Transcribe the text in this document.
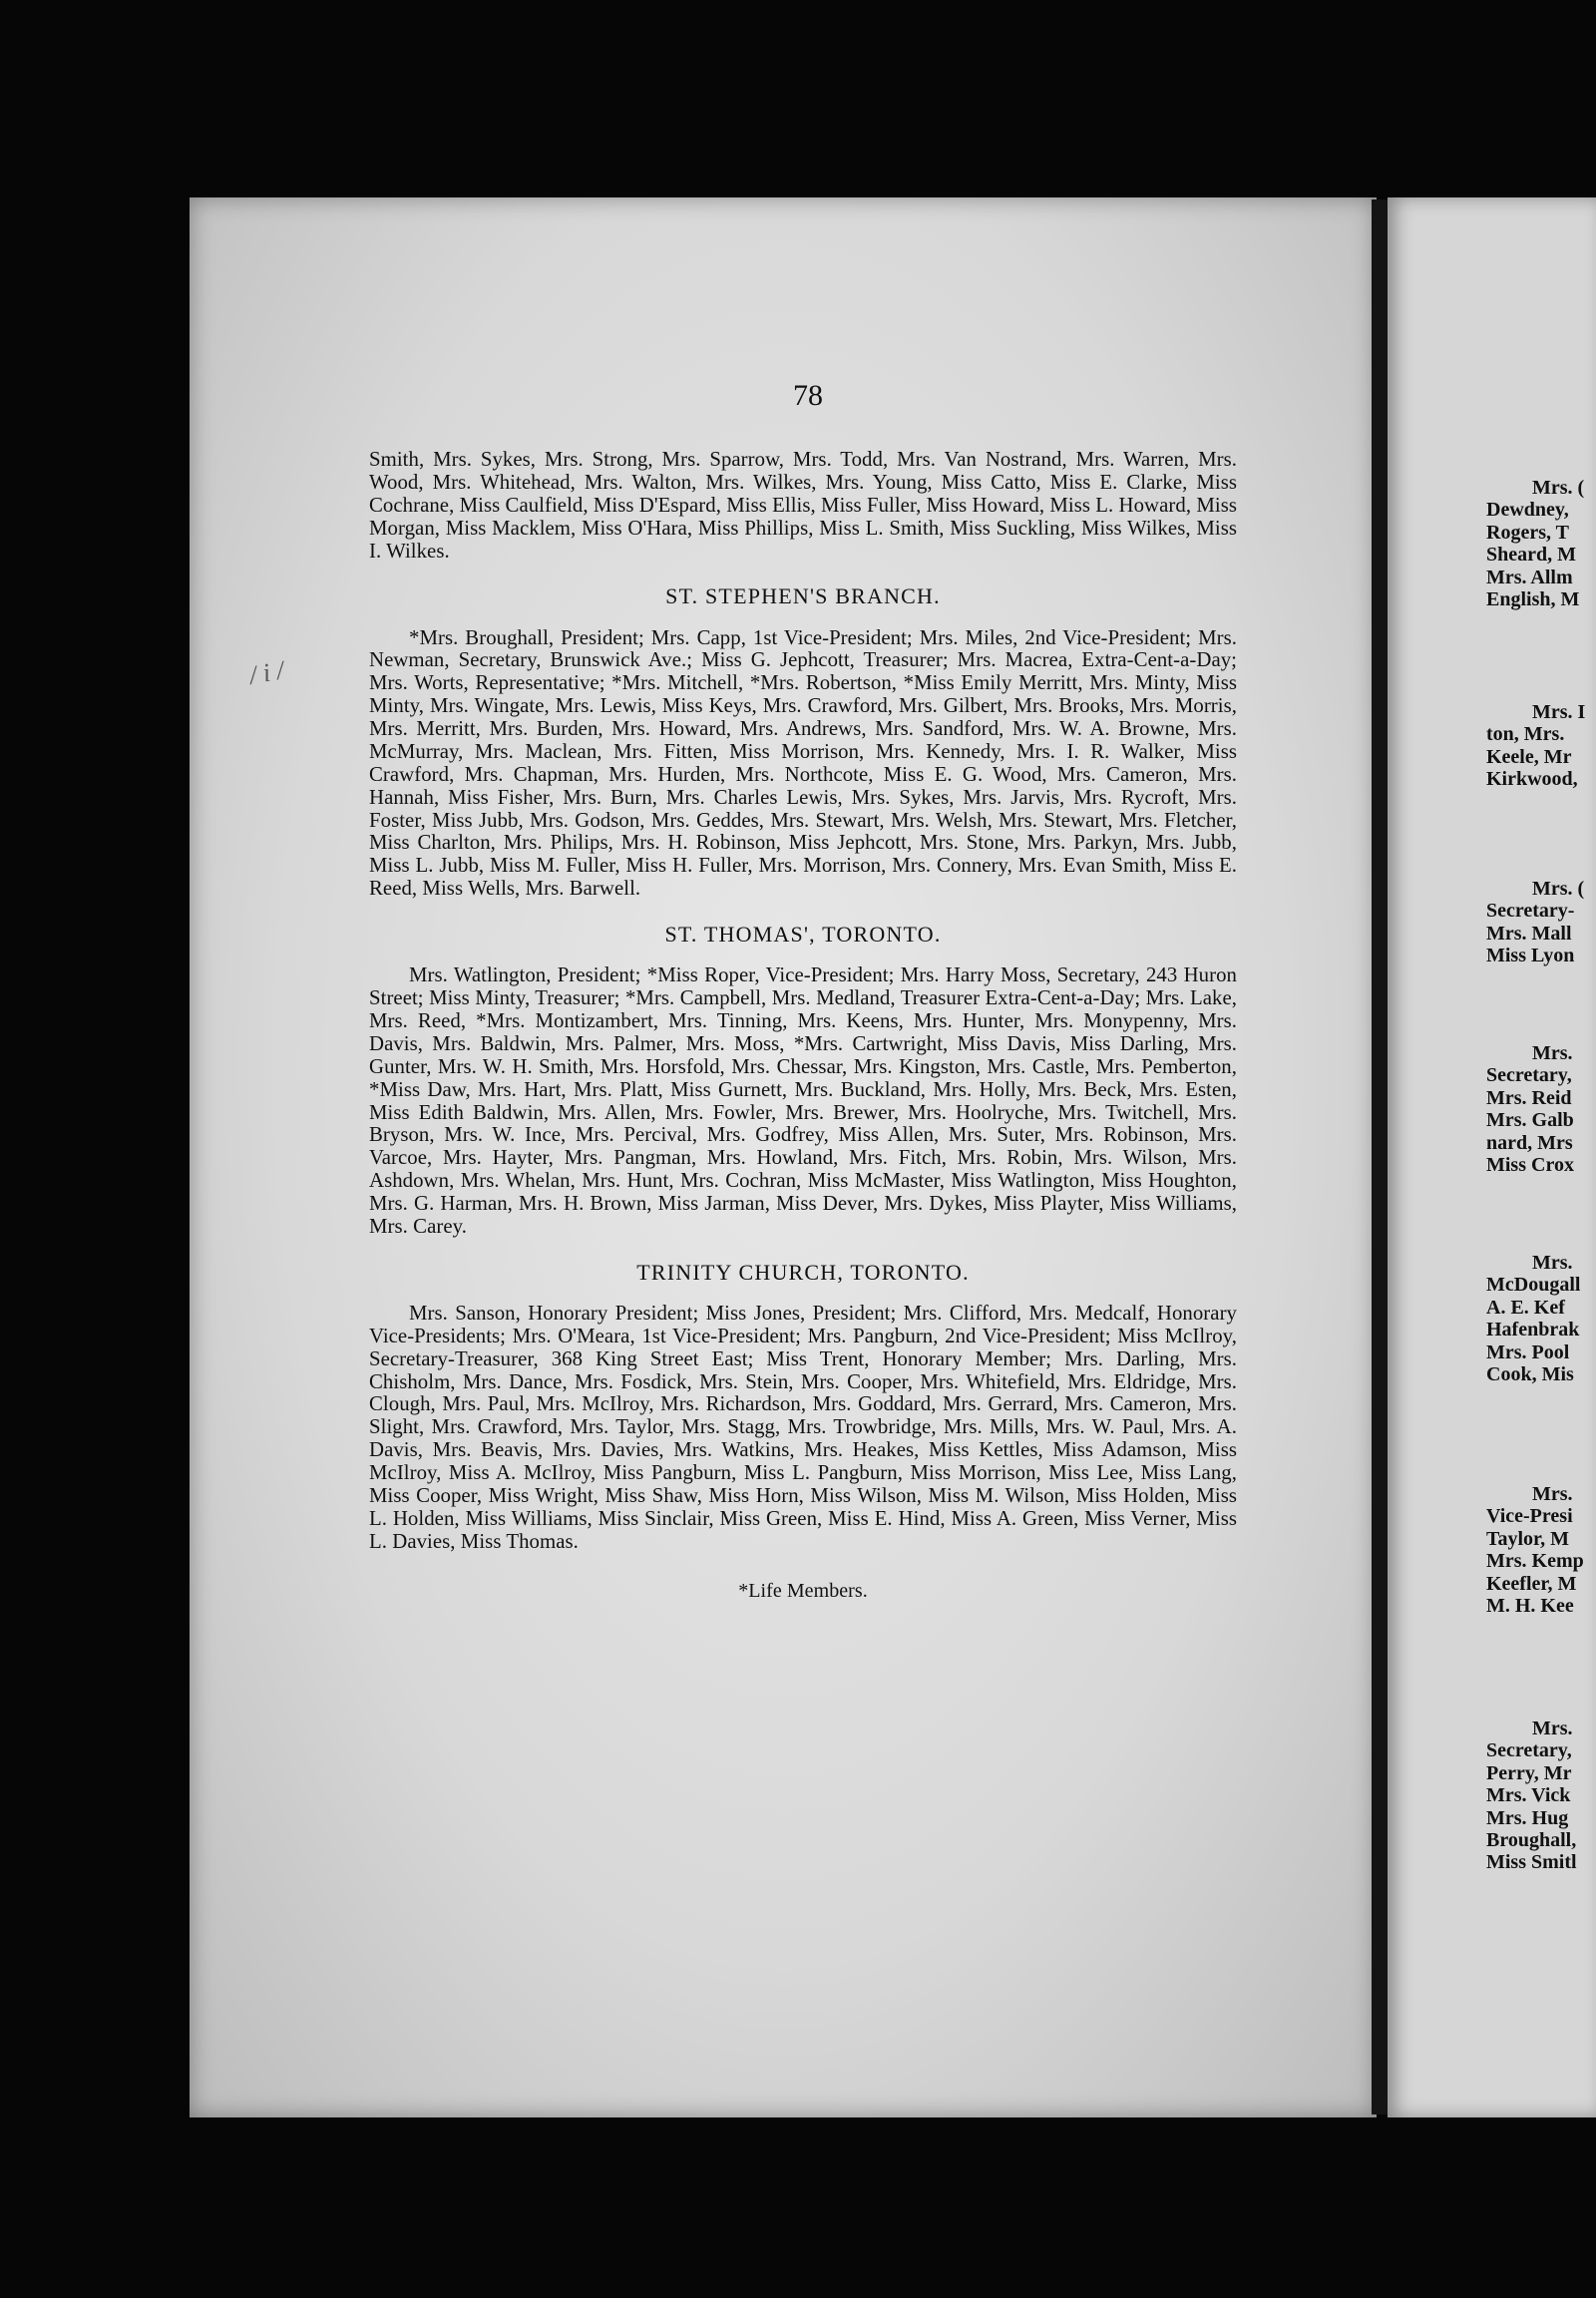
78
/ i /

Smith, Mrs. Sykes, Mrs. Strong, Mrs. Sparrow, Mrs. Todd, Mrs. Van Nostrand, Mrs. Warren, Mrs. Wood, Mrs. Whitehead, Mrs. Walton, Mrs. Wilkes, Mrs. Young, Miss Catto, Miss E. Clarke, Miss Cochrane, Miss Caulfield, Miss D'Espard, Miss Ellis, Miss Fuller, Miss Howard, Miss L. Howard, Miss Morgan, Miss Macklem, Miss O'Hara, Miss Phillips, Miss L. Smith, Miss Suckling, Miss Wilkes, Miss I. Wilkes.

ST. STEPHEN'S BRANCH.

*Mrs. Broughall, President; Mrs. Capp, 1st Vice-President; Mrs. Miles, 2nd Vice-President; Mrs. Newman, Secretary, Brunswick Ave.; Miss G. Jephcott, Treasurer; Mrs. Macrea, Extra-Cent-a-Day; Mrs. Worts, Representative; *Mrs. Mitchell, *Mrs. Robertson, *Miss Emily Merritt, Mrs. Minty, Miss Minty, Mrs. Wingate, Mrs. Lewis, Miss Keys, Mrs. Crawford, Mrs. Gilbert, Mrs. Brooks, Mrs. Morris, Mrs. Merritt, Mrs. Burden, Mrs. Howard, Mrs. Andrews, Mrs. Sandford, Mrs. W. A. Browne, Mrs. McMurray, Mrs. Maclean, Mrs. Fitten, Miss Morrison, Mrs. Kennedy, Mrs. I. R. Walker, Miss Crawford, Mrs. Chapman, Mrs. Hurden, Mrs. Northcote, Miss E. G. Wood, Mrs. Cameron, Mrs. Hannah, Miss Fisher, Mrs. Burn, Mrs. Charles Lewis, Mrs. Sykes, Mrs. Jarvis, Mrs. Rycroft, Mrs. Foster, Miss Jubb, Mrs. Godson, Mrs. Geddes, Mrs. Stewart, Mrs. Welsh, Mrs. Stewart, Mrs. Fletcher, Miss Charlton, Mrs. Philips, Mrs. H. Robinson, Miss Jephcott, Mrs. Stone, Mrs. Parkyn, Mrs. Jubb, Miss L. Jubb, Miss M. Fuller, Miss H. Fuller, Mrs. Morrison, Mrs. Connery, Mrs. Evan Smith, Miss E. Reed, Miss Wells, Mrs. Barwell.

ST. THOMAS', TORONTO.

Mrs. Watlington, President; *Miss Roper, Vice-President; Mrs. Harry Moss, Secretary, 243 Huron Street; Miss Minty, Treasurer; *Mrs. Campbell, Mrs. Medland, Treasurer Extra-Cent-a-Day; Mrs. Lake, Mrs. Reed, *Mrs. Montizambert, Mrs. Tinning, Mrs. Keens, Mrs. Hunter, Mrs. Monypenny, Mrs. Davis, Mrs. Baldwin, Mrs. Palmer, Mrs. Moss, *Mrs. Cartwright, Miss Davis, Miss Darling, Mrs. Gunter, Mrs. W. H. Smith, Mrs. Horsfold, Mrs. Chessar, Mrs. Kingston, Mrs. Castle, Mrs. Pemberton, *Miss Daw, Mrs. Hart, Mrs. Platt, Miss Gurnett, Mrs. Buckland, Mrs. Holly, Mrs. Beck, Mrs. Esten, Miss Edith Baldwin, Mrs. Allen, Mrs. Fowler, Mrs. Brewer, Mrs. Hoolryche, Mrs. Twitchell, Mrs. Bryson, Mrs. W. Ince, Mrs. Percival, Mrs. Godfrey, Miss Allen, Mrs. Suter, Mrs. Robinson, Mrs. Varcoe, Mrs. Hayter, Mrs. Pangman, Mrs. Howland, Mrs. Fitch, Mrs. Robin, Mrs. Wilson, Mrs. Ashdown, Mrs. Whelan, Mrs. Hunt, Mrs. Cochran, Miss McMaster, Miss Watlington, Miss Houghton, Mrs. G. Harman, Mrs. H. Brown, Miss Jarman, Miss Dever, Mrs. Dykes, Miss Playter, Miss Williams, Mrs. Carey.

TRINITY CHURCH, TORONTO.

Mrs. Sanson, Honorary President; Miss Jones, President; Mrs. Clifford, Mrs. Medcalf, Honorary Vice-Presidents; Mrs. O'Meara, 1st Vice-President; Mrs. Pangburn, 2nd Vice-President; Miss McIlroy, Secretary-Treasurer, 368 King Street East; Miss Trent, Honorary Member; Mrs. Darling, Mrs. Chisholm, Mrs. Dance, Mrs. Fosdick, Mrs. Stein, Mrs. Cooper, Mrs. Whitefield, Mrs. Eldridge, Mrs. Clough, Mrs. Paul, Mrs. McIlroy, Mrs. Richardson, Mrs. Goddard, Mrs. Gerrard, Mrs. Cameron, Mrs. Slight, Mrs. Crawford, Mrs. Taylor, Mrs. Stagg, Mrs. Trowbridge, Mrs. Mills, Mrs. W. Paul, Mrs. A. Davis, Mrs. Beavis, Mrs. Davies, Mrs. Watkins, Mrs. Heakes, Miss Kettles, Miss Adamson, Miss McIlroy, Miss A. McIlroy, Miss Pangburn, Miss L. Pangburn, Miss Morrison, Miss Lee, Miss Lang, Miss Cooper, Miss Wright, Miss Shaw, Miss Horn, Miss Wilson, Miss M. Wilson, Miss Holden, Miss L. Holden, Miss Williams, Miss Sinclair, Miss Green, Miss E. Hind, Miss A. Green, Miss Verner, Miss L. Davies, Miss Thomas.

*Life Members.
Mrs. (
Dewdney,
Rogers, T
Sheard, M
Mrs. Allm
English, M
Mrs. I
ton, Mrs.
Keele, Mr
Kirkwood,
Mrs. (
Secretary-
Mrs. Mall
Miss Lyon
Mrs.
Secretary,
Mrs. Reid
Mrs. Galb
nard, Mrs
Miss Crox
Mrs.
McDougall
A. E. Kef
Hafenbrak
Mrs. Pool
Cook, Mis
Mrs.
Vice-Presi
Taylor, M
Mrs. Kemp
Keefler, M
M. H. Kee
Mrs.
Secretary,
Perry, Mr
Mrs. Vick
Mrs. Hug
Broughall,
Miss Smitl
